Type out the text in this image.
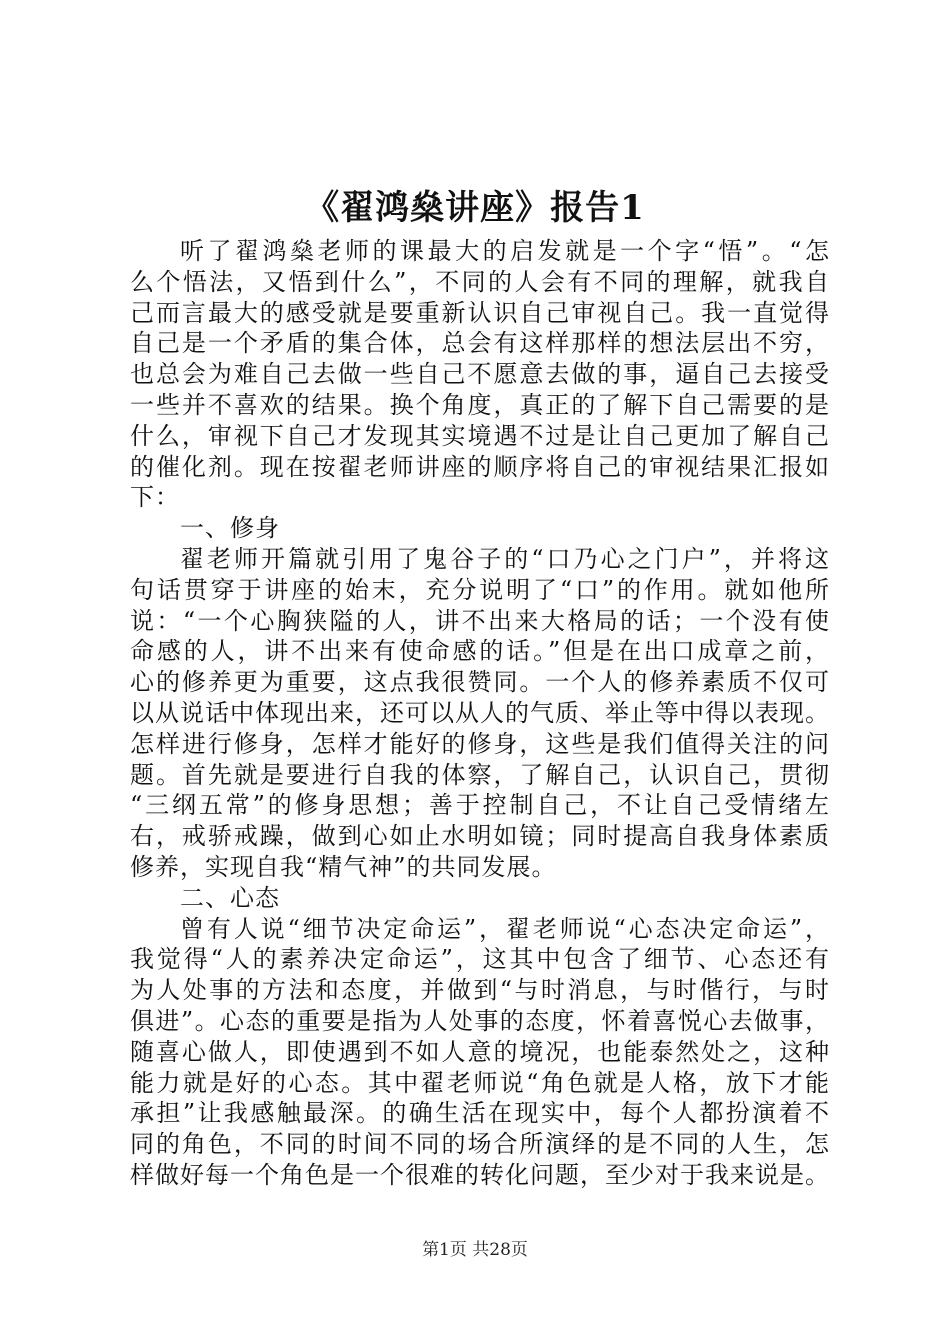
《翟鸿燊讲座》报告1
听了翟鸿燊老师的课最大的启发就是一个字“悟”。“怎
么个悟法，又悟到什么”，不同的人会有不同的理解，就我自
己而言最大的感受就是要重新认识自己审视自己。我一直觉得
自己是一个矛盾的集合体，总会有这样那样的想法层出不穷，
也总会为难自己去做一些自己不愿意去做的事，逼自己去接受
一些并不喜欢的结果。换个角度，真正的了解下自己需要的是
什么，审视下自己才发现其实境遇不过是让自己更加了解自己
的催化剂。现在按翟老师讲座的顺序将自己的审视结果汇报如
下：
一、修身
翟老师开篇就引用了鬼谷子的“口乃心之门户”，并将这
句话贯穿于讲座的始末，充分说明了“口”的作用。就如他所
说：“一个心胸狭隘的人，讲不出来大格局的话；一个没有使
命感的人，讲不出来有使命感的话。”但是在出口成章之前，
心的修养更为重要，这点我很赞同。一个人的修养素质不仅可
以从说话中体现出来，还可以从人的气质、举止等中得以表现。
怎样进行修身，怎样才能好的修身，这些是我们值得关注的问
题。首先就是要进行自我的体察，了解自己，认识自己，贯彻
“三纲五常”的修身思想；善于控制自己，不让自己受情绪左
右，戒骄戒躁，做到心如止水明如镜；同时提高自我身体素质
修养，实现自我“精气神”的共同发展。
二、心态
曾有人说“细节决定命运”，翟老师说“心态决定命运”，
我觉得“人的素养决定命运”，这其中包含了细节、心态还有
为人处事的方法和态度，并做到“与时消息，与时偕行，与时
俱进”。心态的重要是指为人处事的态度，怀着喜悦心去做事，
随喜心做人，即使遇到不如人意的境况，也能泰然处之，这种
能力就是好的心态。其中翟老师说“角色就是人格，放下才能
承担”让我感触最深。的确生活在现实中，每个人都扮演着不
同的角色，不同的时间不同的场合所演绎的是不同的人生，怎
样做好每一个角色是一个很难的转化问题，至少对于我来说是。
第1页 共28页
